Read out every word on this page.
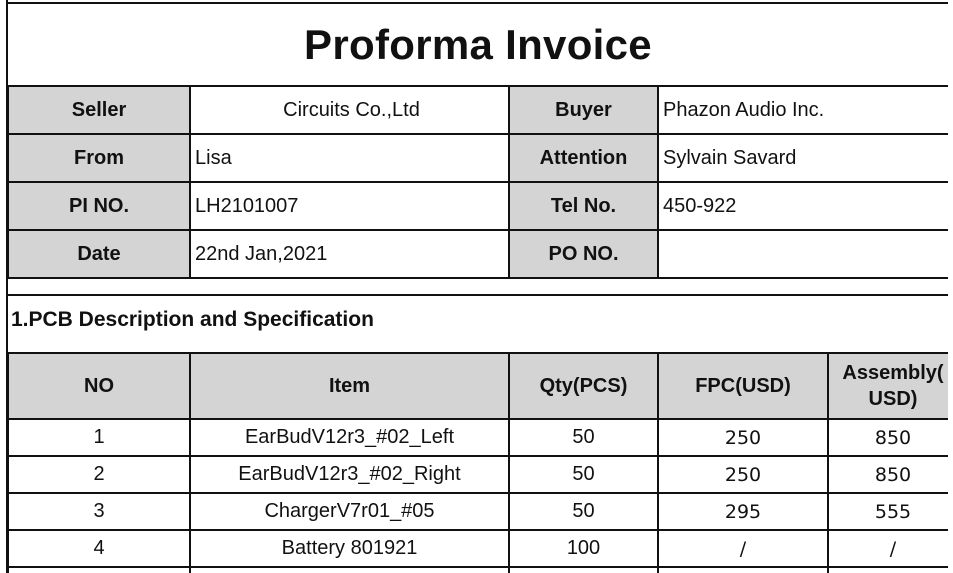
Proforma Invoice
Seller	Circuits Co.,Ltd	Buyer	Phazon Audio Inc.
From	Lisa	Attention	Sylvain Savard
PI NO.	LH2101007	Tel No.	450-922
Date	22nd Jan,2021	PO NO.	
1.PCB Description and Specification
NO	Item	Qty(PCS)	FPC(USD)	Assembly(
USD)
1	EarBudV12r3_#02_Left	50	250	850
2	EarBudV12r3_#02_Right	50	250	850
3	ChargerV7r01_#05	50	295	555
4	Battery 801921	100	/	/
